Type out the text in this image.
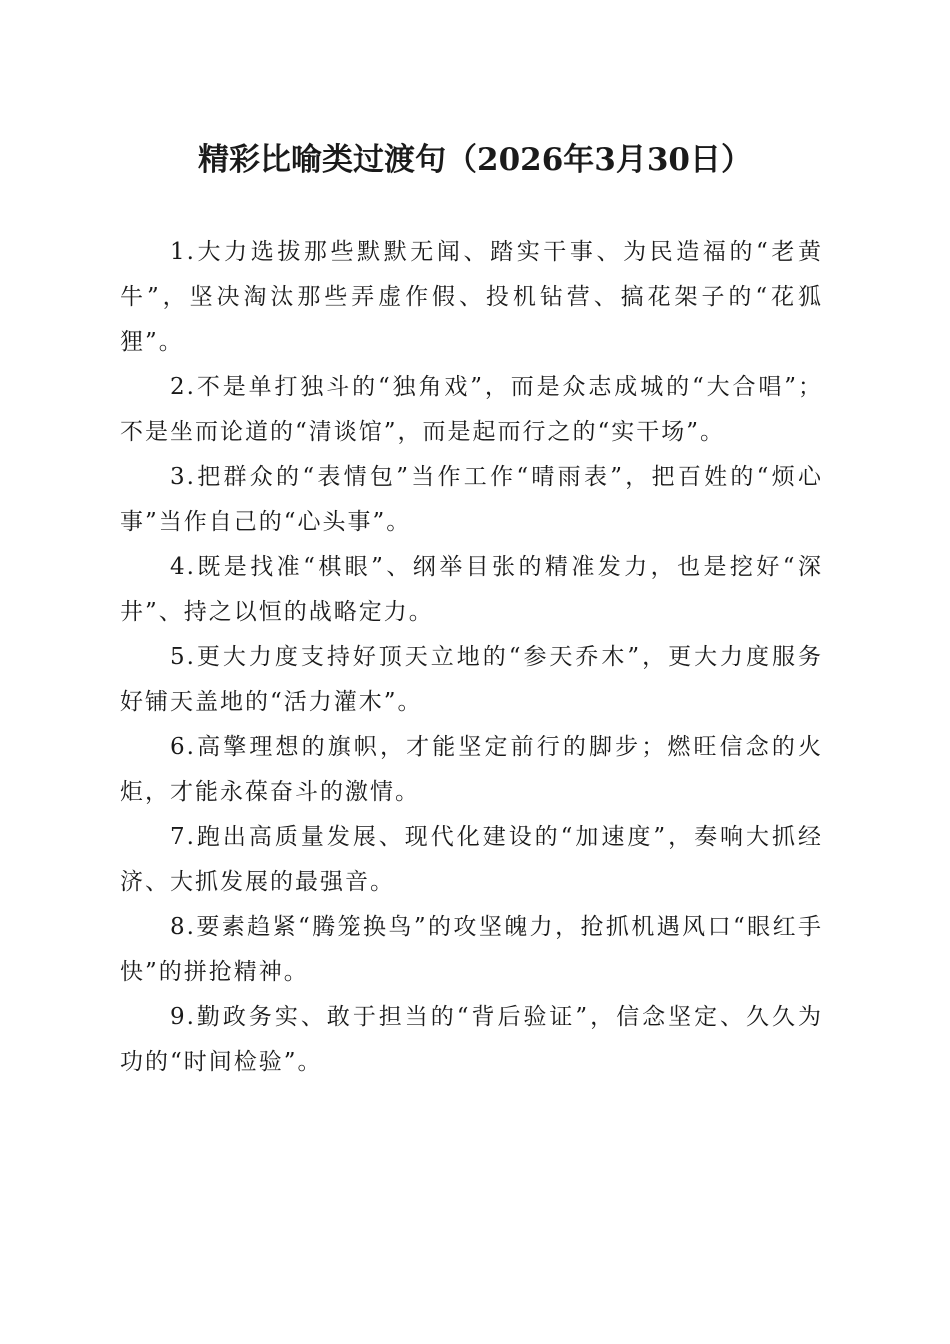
精彩比喻类过渡句（2026年3月30日）

1.大力选拔那些默默无闻、踏实干事、为民造福的“老黄牛”，坚决淘汰那些弄虚作假、投机钻营、搞花架子的“花狐狸”。

2.不是单打独斗的“独角戏”，而是众志成城的“大合唱”；不是坐而论道的“清谈馆”，而是起而行之的“实干场”。

3.把群众的“表情包”当作工作“晴雨表”，把百姓的“烦心事”当作自己的“心头事”。

4.既是找准“棋眼”、纲举目张的精准发力，也是挖好“深井”、持之以恒的战略定力。

5.更大力度支持好顶天立地的“参天乔木”，更大力度服务好铺天盖地的“活力灌木”。

6.高擎理想的旗帜，才能坚定前行的脚步；燃旺信念的火炬，才能永葆奋斗的激情。

7.跑出高质量发展、现代化建设的“加速度”，奏响大抓经济、大抓发展的最强音。

8.要素趋紧“腾笼换鸟”的攻坚魄力，抢抓机遇风口“眼红手快”的拼抢精神。

9.勤政务实、敢于担当的“背后验证”，信念坚定、久久为功的“时间检验”。
